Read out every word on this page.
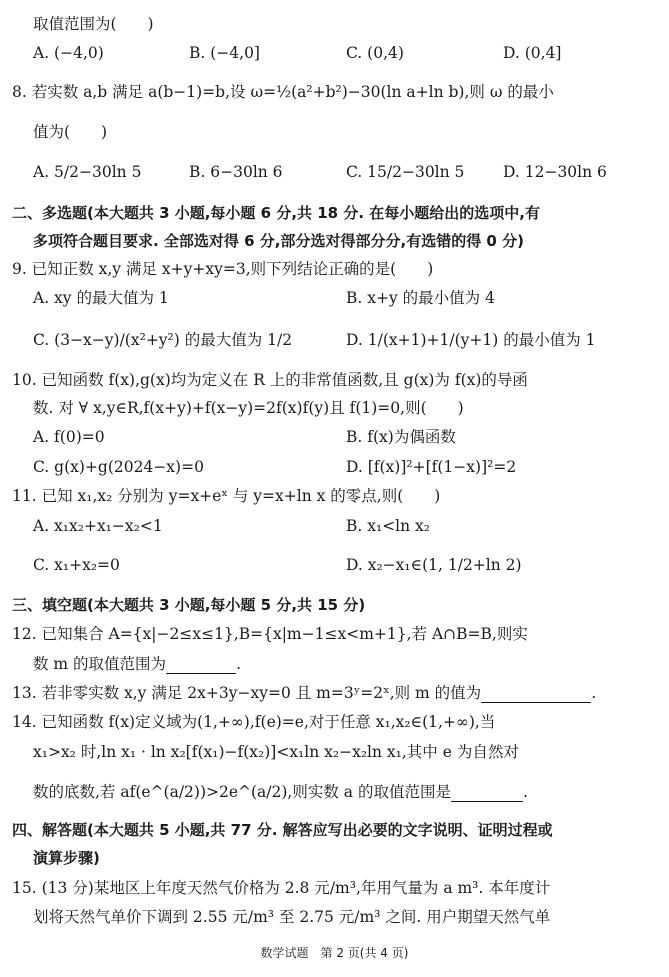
取值范围为(　　)
A. (−4,0)	B. (−4,0]	C. (0,4)	D. (0,4]
8. 若实数 a,b 满足 a(b−1)=b,设 ω=½(a²+b²)−30(ln a+ln b),则 ω 的最小
值为(　　)
A. 5/2−30ln 5	B. 6−30ln 6	C. 15/2−30ln 5 D. 12−30ln 6
二、多选题(本大题共 3 小题,每小题 6 分,共 18 分. 在每小题给出的选项中,有
多项符合题目要求. 全部选对得 6 分,部分选对得部分分,有选错的得 0 分)
9. 已知正数 x,y 满足 x+y+xy=3,则下列结论正确的是(　　)
A. xy 的最大值为 1	B. x+y 的最小值为 4
C. (3−x−y)/(x²+y²) 的最大值为 1/2	D. 1/(x+1)+1/(y+1) 的最小值为 1
10. 已知函数 f(x),g(x)均为定义在 R 上的非常值函数,且 g(x)为 f(x)的导函
数. 对 ∀ x,y∈R,f(x+y)+f(x−y)=2f(x)f(y)且 f(1)=0,则(　　)
A. f(0)=0	B. f(x)为偶函数
C. g(x)+g(2024−x)=0	D. [f(x)]²+[f(1−x)]²=2
11. 已知 x₁,x₂ 分别为 y=x+eˣ 与 y=x+ln x 的零点,则(　　)
A. x₁x₂+x₁−x₂<1	B. x₁<ln x₂
C. x₁+x₂=0	D. x₂−x₁∈(1, 1/2+ln 2)
三、填空题(本大题共 3 小题,每小题 5 分,共 15 分)
12. 已知集合 A={x|−2≤x≤1},B={x|m−1≤x<m+1},若 A∩B=B,则实
数 m 的取值范围为	.
13. 若非零实数 x,y 满足 2x+3y−xy=0 且 m=3ʸ=2ˣ,则 m 的值为	.
14. 已知函数 f(x)定义域为(1,+∞),f(e)=e,对于任意 x₁,x₂∈(1,+∞),当
x₁>x₂ 时,ln x₁ · ln x₂[f(x₁)−f(x₂)]<x₁ln x₂−x₂ln x₁,其中 e 为自然对
数的底数,若 af(e^(a/2))>2e^(a/2),则实数 a 的取值范围是	.
四、解答题(本大题共 5 小题,共 77 分. 解答应写出必要的文字说明、证明过程或
演算步骤)
15. (13 分)某地区上年度天然气价格为 2.8 元/m³,年用气量为 a m³. 本年度计
划将天然气单价下调到 2.55 元/m³ 至 2.75 元/m³ 之间. 用户期望天然气单
数学试题　第 2 页(共 4 页)
